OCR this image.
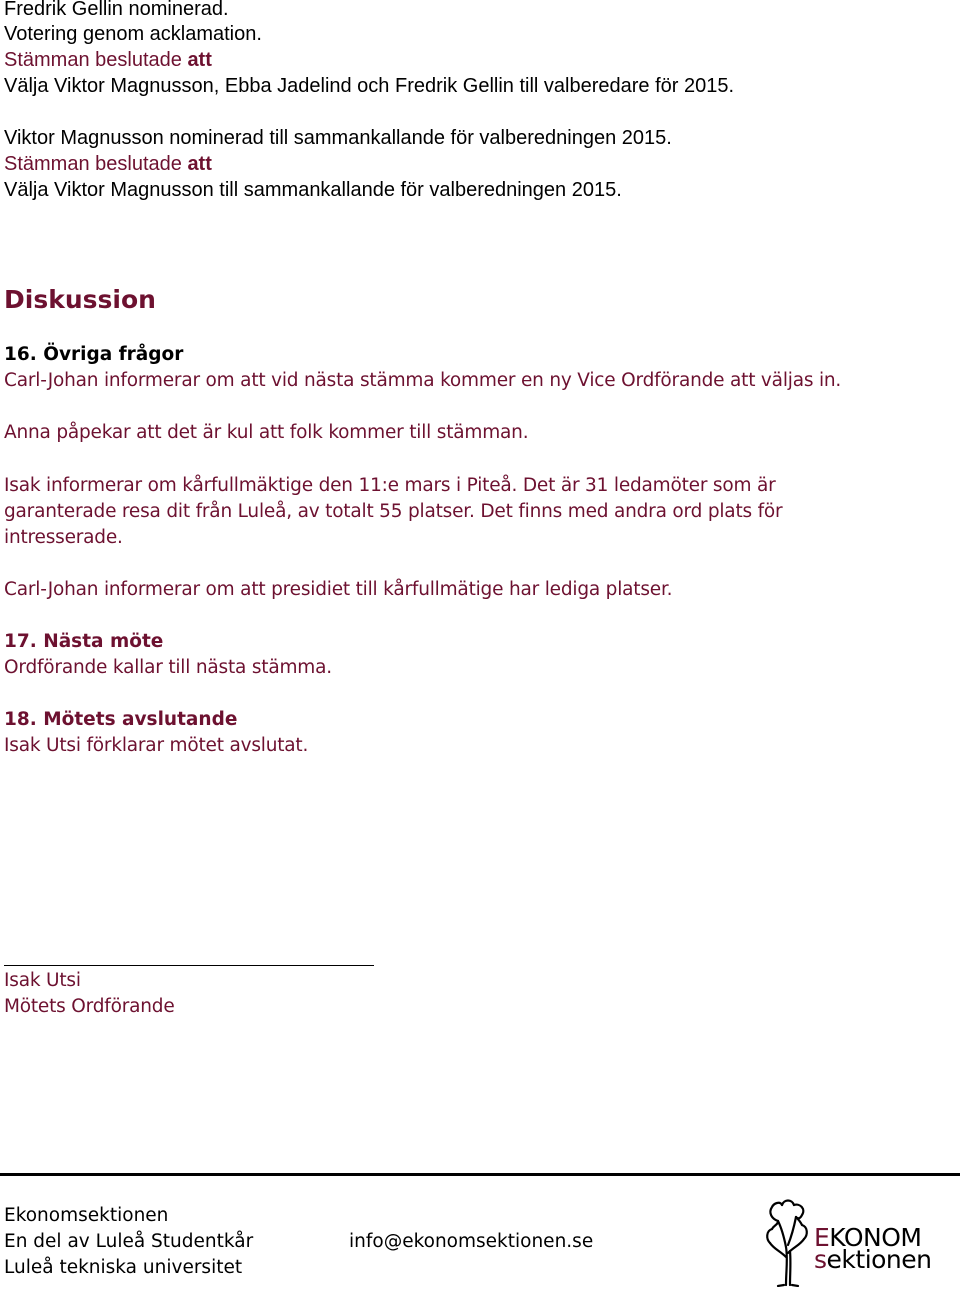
Fredrik Gellin nominerad.
Votering genom acklamation.
Stämman beslutade att
Välja Viktor Magnusson, Ebba Jadelind och Fredrik Gellin till valberedare för 2015.
Viktor Magnusson nominerad till sammankallande för valberedningen 2015.
Stämman beslutade att
Välja Viktor Magnusson till sammankallande för valberedningen 2015.
Diskussion
16. Övriga frågor
Carl-Johan informerar om att vid nästa stämma kommer en ny Vice Ordförande att väljas in.
Anna påpekar att det är kul att folk kommer till stämman.
Isak informerar om kårfullmäktige den 11:e mars i Piteå. Det är 31 ledamöter som är
garanterade resa dit från Luleå, av totalt 55 platser. Det finns med andra ord plats för
intresserade.
Carl-Johan informerar om att presidiet till kårfullmätige har lediga platser.
17. Nästa möte
Ordförande kallar till nästa stämma.
18. Mötets avslutande
Isak Utsi förklarar mötet avslutat.
Isak Utsi
Mötets Ordförande
Ekonomsektionen
En del av Luleå Studentkår
Luleå tekniska universitet
info@ekonomsektionen.se	EKONOM
sektionen
